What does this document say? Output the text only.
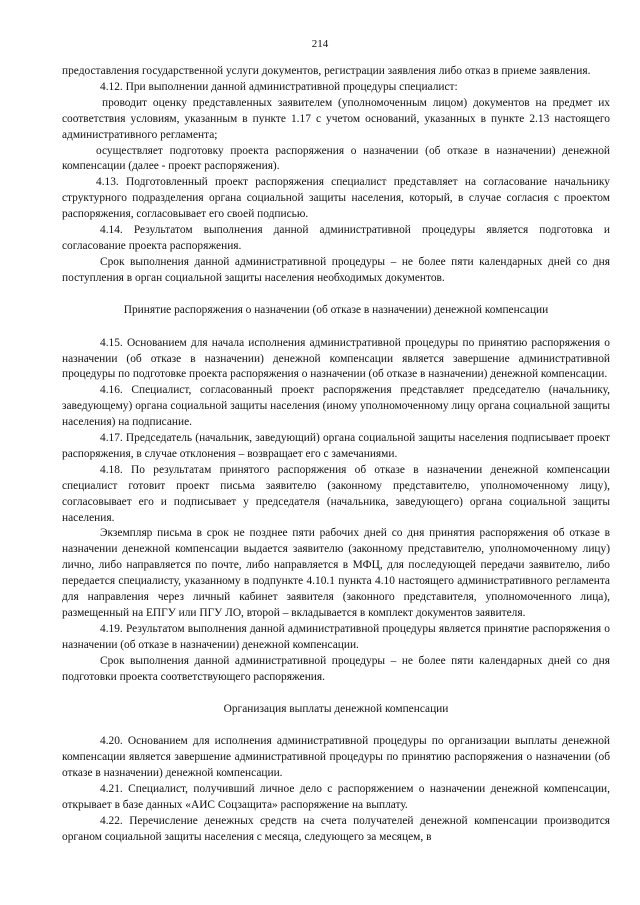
214

предоставления государственной услуги документов, регистрации заявления либо отказ в приеме заявления.

4.12. При выполнении данной административной процедуры специалист:

проводит оценку представленных заявителем (уполномоченным лицом) документов на предмет их соответствия условиям, указанным в пункте 1.17 с учетом оснований, указанных в пункте 2.13 настоящего административного регламента;

осуществляет подготовку проекта распоряжения о назначении (об отказе в назначении) денежной компенсации (далее - проект распоряжения).

4.13. Подготовленный проект распоряжения специалист представляет на согласование начальнику структурного подразделения органа социальной защиты населения, который, в случае согласия с проектом распоряжения, согласовывает его своей подписью.

4.14. Результатом выполнения данной административной процедуры является подготовка и согласование проекта распоряжения.

Срок выполнения данной административной процедуры – не более пяти календарных дней со дня поступления в орган социальной защиты населения необходимых документов.

Принятие распоряжения о назначении (об отказе в назначении) денежной компенсации

4.15. Основанием для начала исполнения административной процедуры по принятию распоряжения о назначении (об отказе в назначении) денежной компенсации является завершение административной процедуры по подготовке проекта распоряжения о назначении (об отказе в назначении) денежной компенсации.

4.16. Специалист, согласованный проект распоряжения представляет председателю (начальнику, заведующему) органа социальной защиты населения (иному уполномоченному лицу органа социальной защиты населения) на подписание.

4.17. Председатель (начальник, заведующий) органа социальной защиты населения подписывает проект распоряжения, в случае отклонения – возвращает его с замечаниями.

4.18. По результатам принятого распоряжения об отказе в назначении денежной компенсации специалист готовит проект письма заявителю (законному представителю, уполномоченному лицу), согласовывает его и подписывает у председателя (начальника, заведующего) органа социальной защиты населения.

Экземпляр письма в срок не позднее пяти рабочих дней со дня принятия распоряжения об отказе в назначении денежной компенсации выдается заявителю (законному представителю, уполномоченному лицу) лично, либо направляется по почте, либо направляется в МФЦ, для последующей передачи заявителю, либо передается специалисту, указанному в подпункте 4.10.1 пункта 4.10 настоящего административного регламента для направления через личный кабинет заявителя (законного представителя, уполномоченного лица), размещенный на ЕПГУ или ПГУ ЛО, второй – вкладывается в комплект документов заявителя.

4.19. Результатом выполнения данной административной процедуры является принятие распоряжения о назначении (об отказе в назначении) денежной компенсации.

Срок выполнения данной административной процедуры – не более пяти календарных дней со дня подготовки проекта соответствующего распоряжения.

Организация выплаты денежной компенсации

4.20. Основанием для исполнения административной процедуры по организации выплаты денежной компенсации является завершение административной процедуры по принятию распоряжения о назначении (об отказе в назначении) денежной компенсации.

4.21. Специалист, получивший личное дело с распоряжением о назначении денежной компенсации, открывает в базе данных «АИС Соцзащита» распоряжение на выплату.

4.22. Перечисление денежных средств на счета получателей денежной компенсации производится органом социальной защиты населения с месяца, следующего за месяцем, в
